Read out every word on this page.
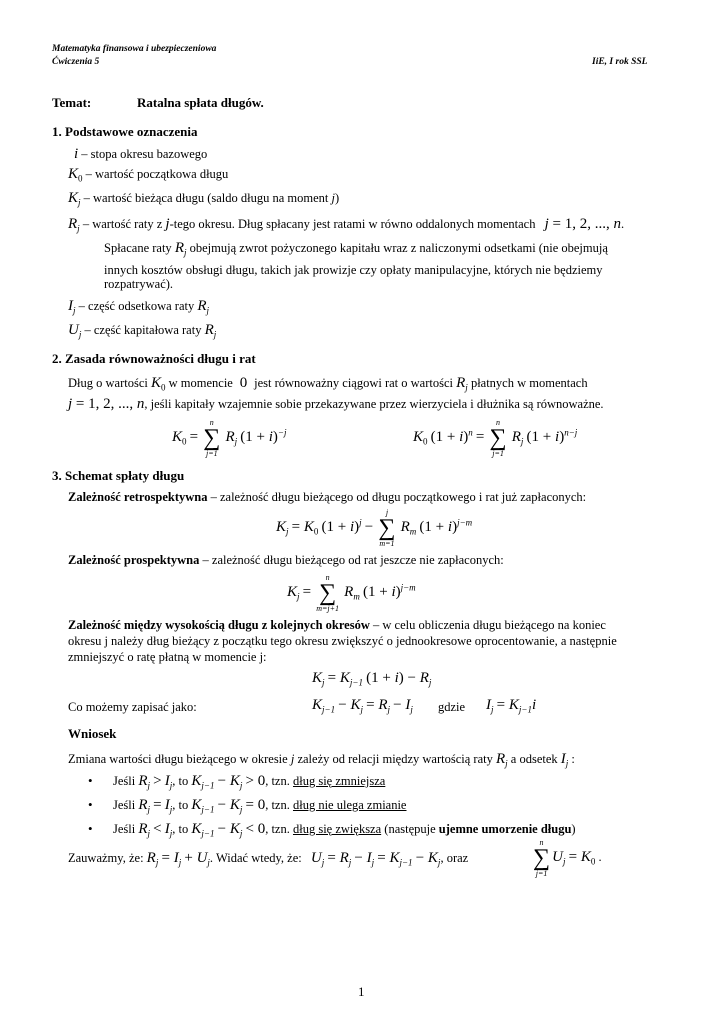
Matematyka finansowa i ubezpieczeniowa
Ćwiczenia 5	IiE, I rok SSL
Temat:	Ratalna spłata długów.
1. Podstawowe oznaczenia
i – stopa okresu bazowego
$K_0$ – wartość początkowa długu
$K_j$ – wartość bieżąca długu (saldo długu na moment j)
$R_j$ – wartość raty z j-tego okresu. Dług spłacany jest ratami w równo oddalonych momentach j = 1, 2, ..., n.
Spłacane raty $R_j$ obejmują zwrot pożyczonego kapitału wraz z naliczonymi odsetkami (nie obejmują
innych kosztów obsługi długu, takich jak prowizje czy opłaty manipulacyjne, których nie będziemy
rozpatrywać).
$I_j$ – część odsetkowa raty $R_j$
$U_j$ – część kapitałowa raty $R_j$
2. Zasada równoważności długu i rat
Dług o wartości $K_0$ w momencie  0  jest równoważny ciągowi rat o wartości $R_j$ płatnych w momentach
j = 1, 2, ..., n, jeśli kapitały wzajemnie sobie przekazywane przez wierzyciela i dłużnika są równoważne.
$K_0$ =
n
∑
j=1
$R_j$ $(1 + i)^{-j}$	$K_0$ $(1 + i)^n$ =
n
∑
j=1
$R_j$ $(1 + i)^{n-j}$
3. Schemat spłaty długu
Zależność retrospektywna – zależność długu bieżącego od długu początkowego i rat już zapłaconych:
$K_j = K_0$ $(1 + i)^j$ −
j
∑
m=1
$R_m$ $(1 + i)^{j-m}$
Zależność prospektywna – zależność długu bieżącego od rat jeszcze nie zapłaconych:
$K_j$ =
n
∑
m=j+1
$R_m$ $(1 + i)^{j-m}$
Zależność między wysokością długu z kolejnych okresów – w celu obliczenia długu bieżącego na koniec
okresu j należy dług bieżący z początku tego okresu zwiększyć o jednookresowe oprocentowanie, a następnie
zmniejszyć o ratę płatną w momencie j:
$K_j = K_{j-1}$ $(1 + i) - R_j$
Co możemy zapisać jako:	$K_{j-1} - K_j = R_j - I_j$ gdzie $I_j = K_{j-1}i$
Wniosek
Zmiana wartości długu bieżącego w okresie j zależy od relacji między wartością raty $R_j$ a odsetek $I_j$ :
• Jeśli $R_j > I_j$, to $K_{j-1} - K_j > 0$, tzn. dług się zmniejsza
• Jeśli $R_j = I_j$, to $K_{j-1} - K_j = 0$, tzn. dług nie ulega zmianie
• Jeśli $R_j < I_j$, to $K_{j-1} - K_j < 0$, tzn. dług się zwiększa (następuje ujemne umorzenie długu)
Zauważmy, że: $R_j = I_j + U_j$. Widać wtedy, że: $U_j = R_j - I_j = K_{j-1} - K_j$, oraz
n
∑
j=1
$U_j = K_0$ .
1
